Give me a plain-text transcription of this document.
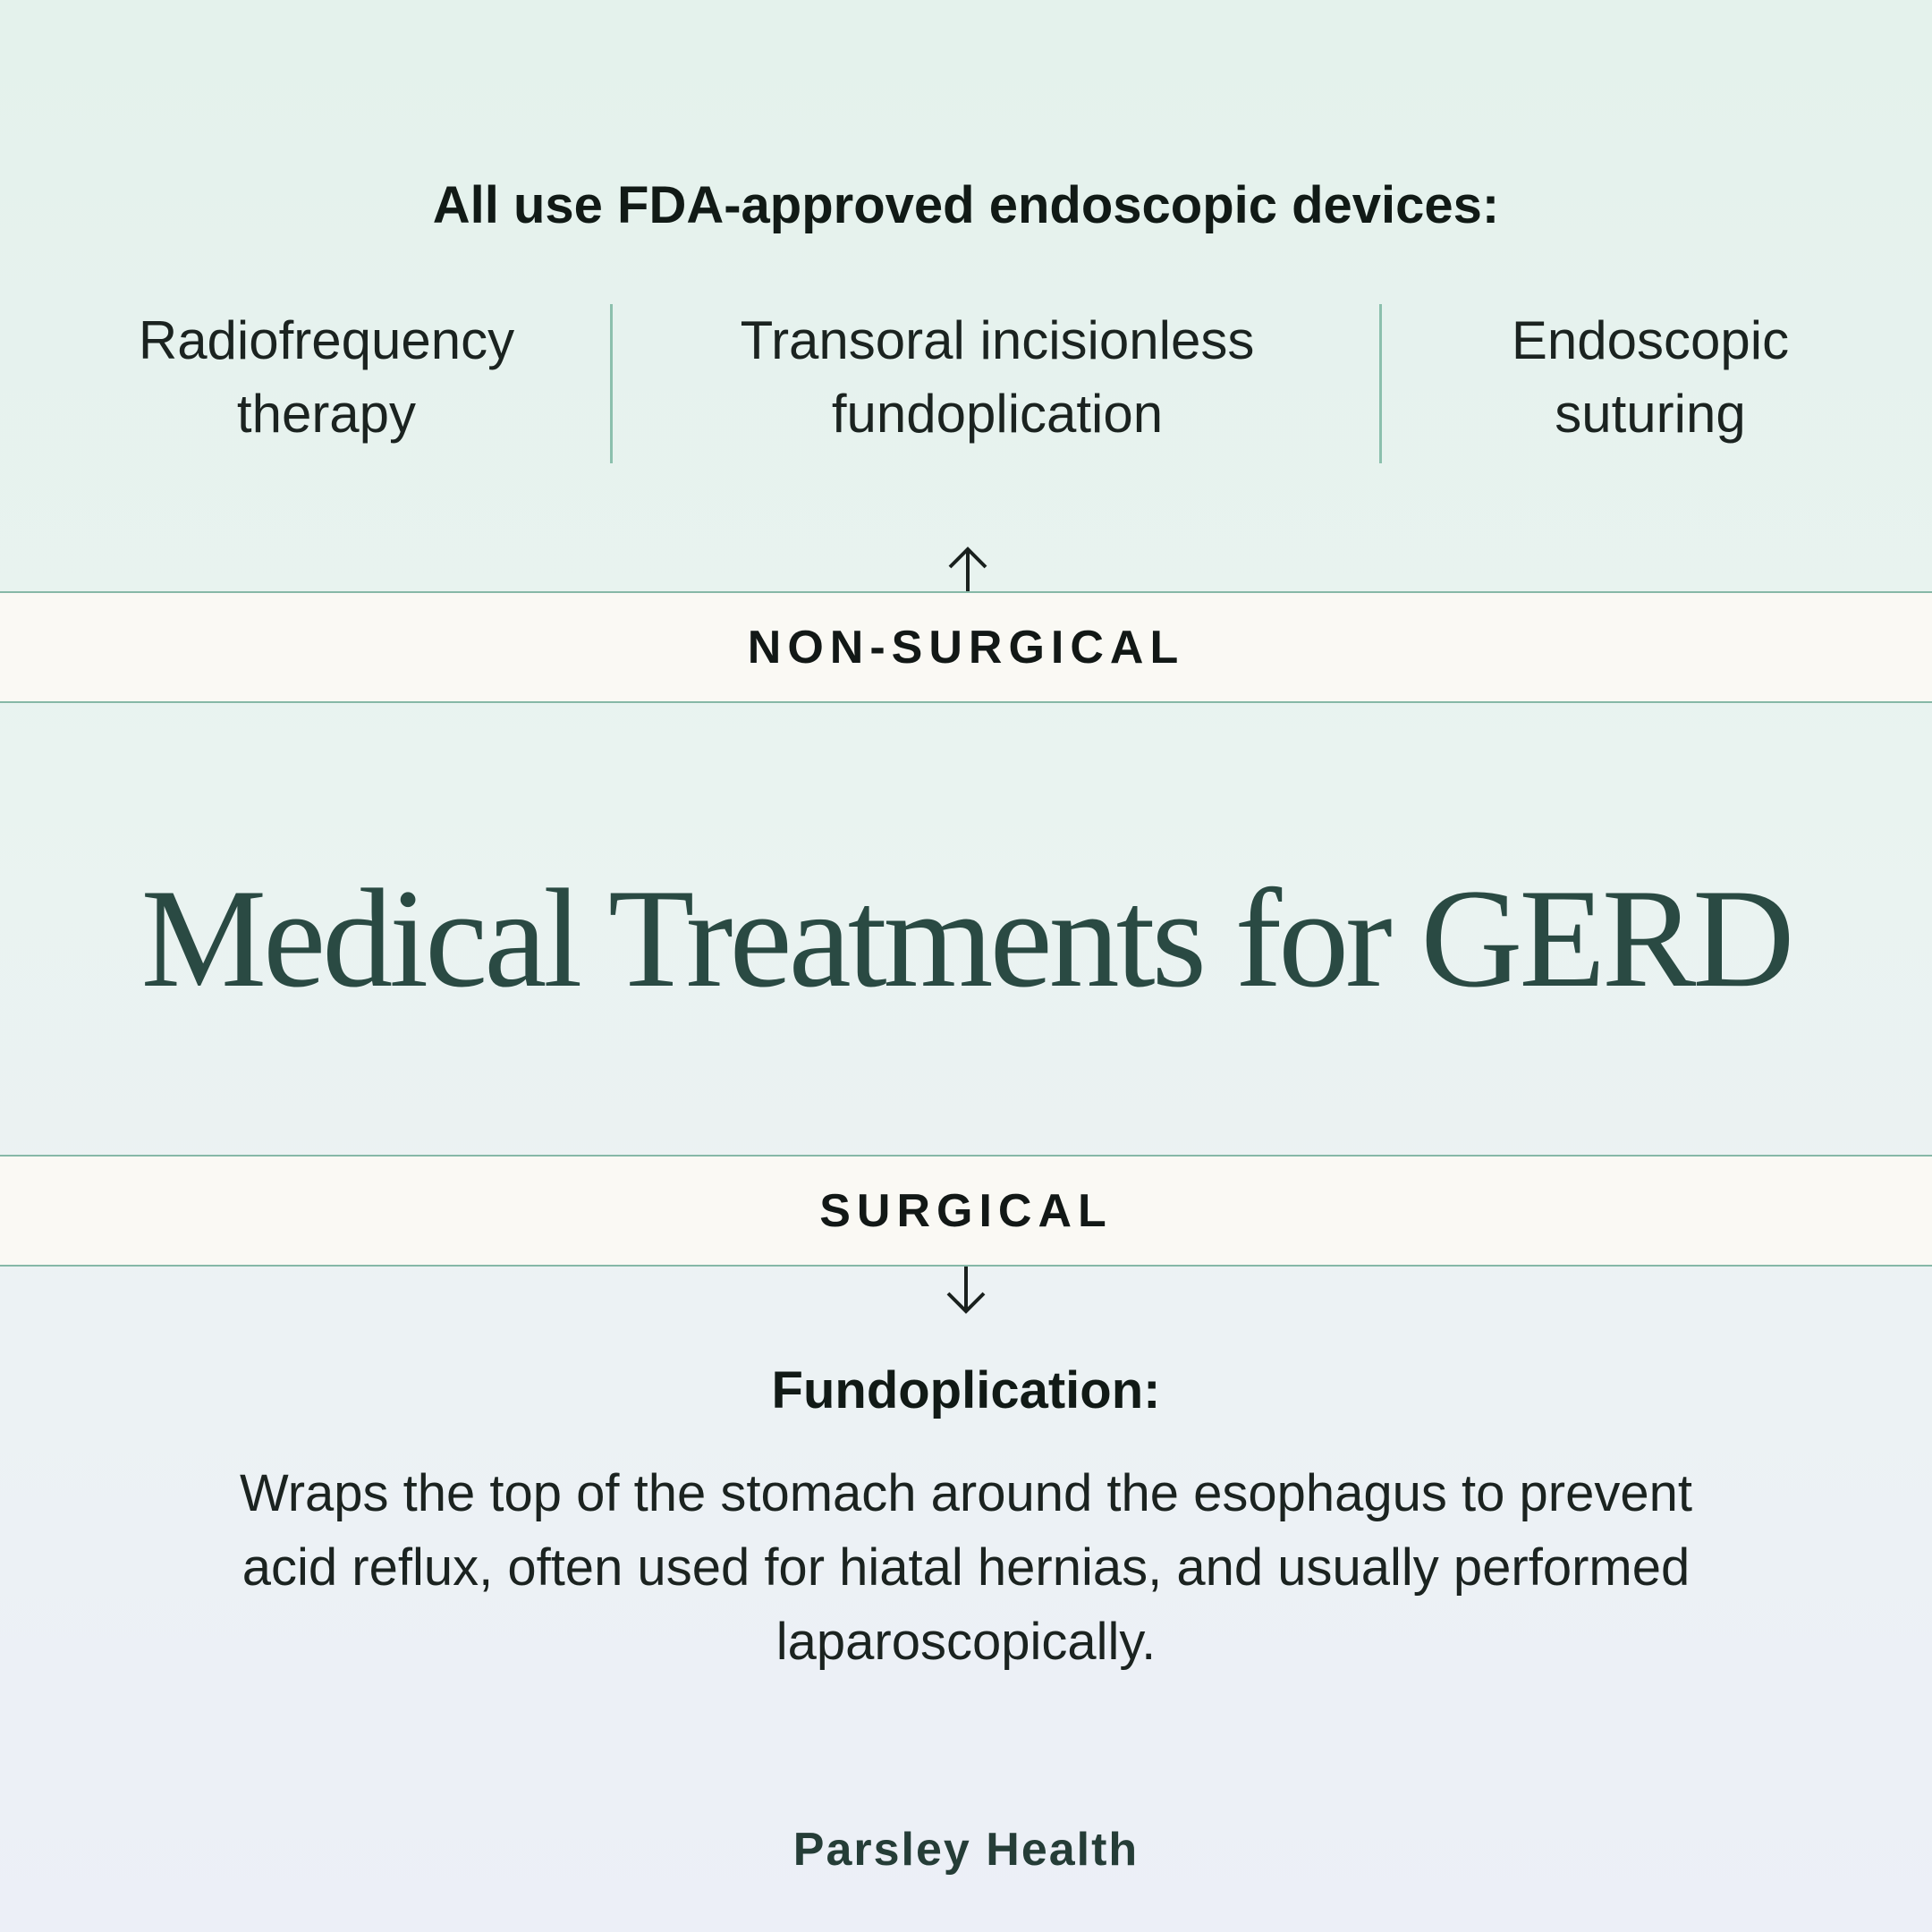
All use FDA-approved endoscopic devices:
Radiofrequency
therapy
Transoral incisionless
fundoplication
Endoscopic
suturing
NON-SURGICAL
Medical Treatments for GERD
SURGICAL
Fundoplication:

Wraps the top of the stomach around the esophagus to prevent acid reflux, often used for hiatal hernias, and usually performed laparoscopically.

Parsley Health
